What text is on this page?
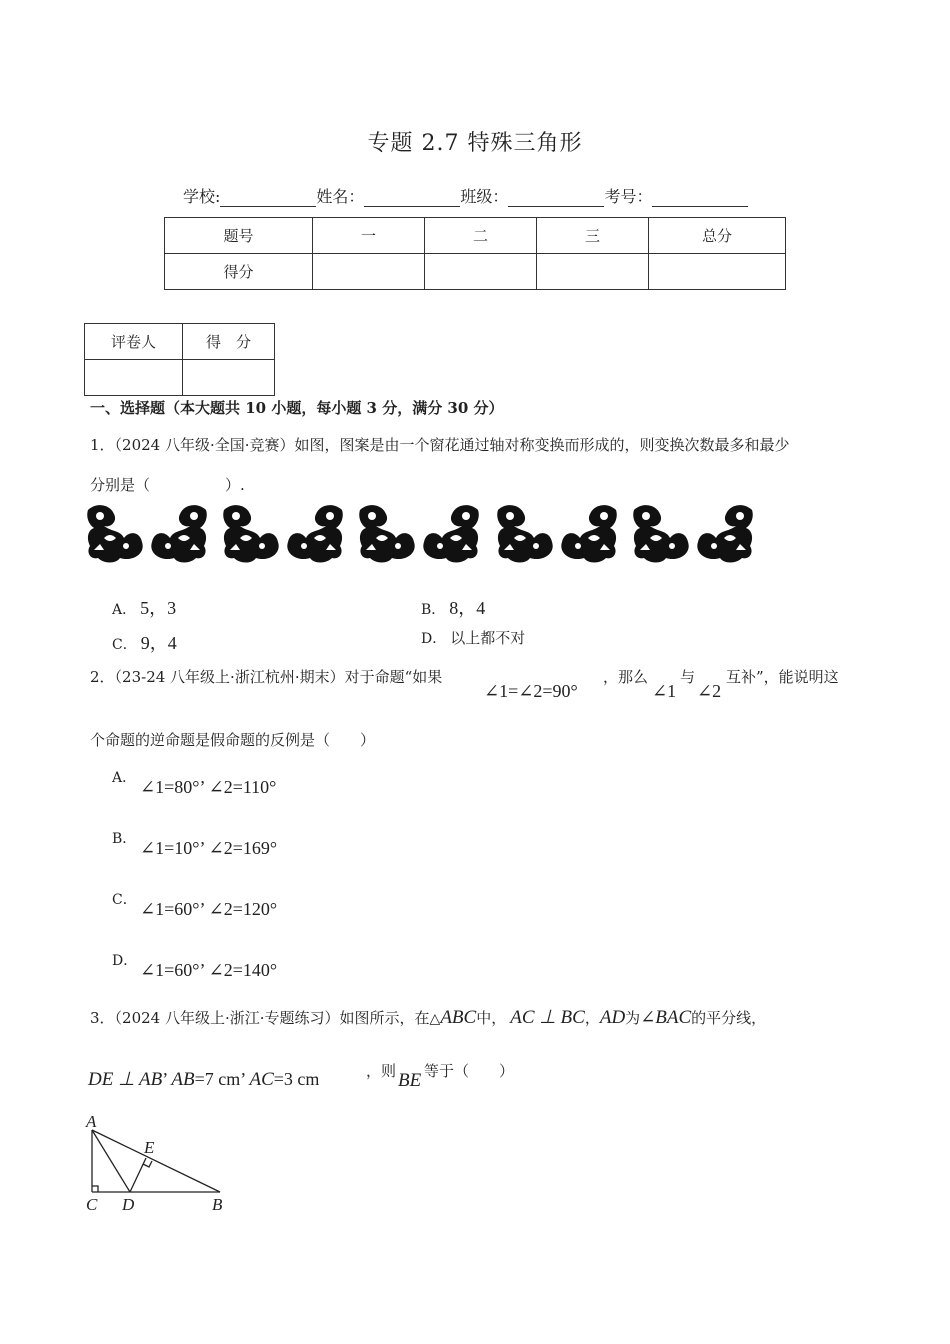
专题 2.7 特殊三角形
学校:	姓名：	班级：	考号：
题号	一	二	三	总分
得分				
评卷人	得　分

一、选择题（本大题共 10 小题，每小题 3 分，满分 30 分）
1．（2024 八年级·全国·竞赛）如图，图案是由一个窗花通过轴对称变换而形成的，则变换次数最多和最少
分别是（　　　　　）.
A． 5，3	B． 8，4
C． 9，4	D． 以上都不对
2．（23-24 八年级上·浙江杭州·期末）对于命题“如果
∠1=∠2=90°
，那么
∠1
与
∠2
互补”，能说明这
个命题的逆命题是假命题的反例是（　　）
A． ∠1=80°’ ∠2=110°
B． ∠1=10°’ ∠2=169°
C． ∠1=60°’ ∠2=120°
D． ∠1=60°’ ∠2=140°
3．（2024 八年级上·浙江·专题练习）如图所示，在△ABC中， AC ⊥ BC，AD为∠BAC的平分线，
DE ⊥ AB’ AB=7 cm’ AC=3 cm	，则 BE 等于（　　）
A
E
C D	B
